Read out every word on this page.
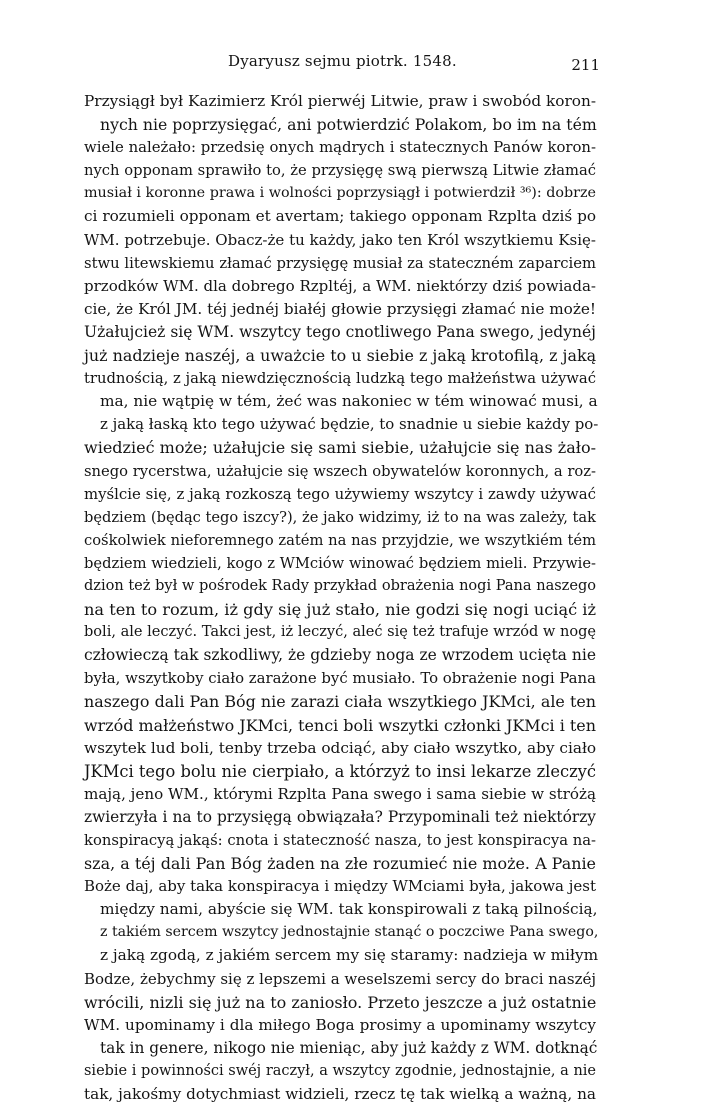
Dyaryusz sejmu piotrk. 1548.	211
Przysiągł był Kazimierz Król pierwéj Litwie, praw i swobód koron-
nych nie poprzysięgać, ani potwierdzić Polakom, bo im na tém
wiele należało: przedsię onych mądrych i statecznych Panów koron-
nych opponam sprawiło to, że przysięgę swą pierwszą Litwie złamać
musiał i koronne prawa i wolności poprzysiągł i potwierdził ³⁶): dobrze
ci rozumieli opponam et avertam; takiego opponam Rzplta dziś po
WM. potrzebuje. Obacz-że tu każdy, jako ten Król wszytkiemu Księ-
stwu litewskiemu złamać przysięgę musiał za stateczném zaparciem
przodków WM. dla dobrego Rzpltéj, a WM. niektórzy dziś powiada-
cie, że Król JM. téj jednéj białéj głowie przysięgi złamać nie może!
Użałujcież się WM. wszytcy tego cnotliwego Pana swego, jedynéj
już nadzieje naszéj, a uważcie to u siebie z jaką krotofilą, z jaką
trudnością, z jaką niewdzięcznością ludzką tego małżeństwa używać
ma, nie wątpię w tém, żeć was nakoniec w tém winować musi, a
z jaką łaską kto tego używać będzie, to snadnie u siebie każdy po-
wiedzieć może; użałujcie się sami siebie, użałujcie się nas żało-
snego rycerstwa, użałujcie się wszech obywatelów koronnych, a roz-
myślcie się, z jaką rozkoszą tego używiemy wszytcy i zawdy używać
będziem (będąc tego iszcy?), że jako widzimy, iż to na was zależy, tak
cośkolwiek nieforemnego zatém na nas przyjdzie, we wszytkiém tém
będziem wiedzieli, kogo z WMciów winować będziem mieli. Przywie-
dzion też był w pośrodek Rady przykład obrażenia nogi Pana naszego
na ten to rozum, iż gdy się już stało, nie godzi się nogi uciąć iż
boli, ale leczyć. Takci jest, iż leczyć, aleć się też trafuje wrzód w nogę
człowieczą tak szkodliwy, że gdzieby noga ze wrzodem ucięta nie
była, wszytkoby ciało zarażone być musiało. To obrażenie nogi Pana
naszego dali Pan Bóg nie zarazi ciała wszytkiego JKMci, ale ten
wrzód małżeństwo JKMci, tenci boli wszytki członki JKMci i ten
wszytek lud boli, tenby trzeba odciąć, aby ciało wszytko, aby ciało
JKMci tego bolu nie cierpiało, a którzyż to insi lekarze zleczyć
mają, jeno WM., którymi Rzplta Pana swego i sama siebie w stróżą
zwierzyła i na to przysięgą obwiązała? Przypominali też niektórzy
konspiracyą jakąś: cnota i stateczność nasza, to jest konspiracya na-
sza, a téj dali Pan Bóg żaden na złe rozumieć nie może. A Panie
Boże daj, aby taka konspiracya i między WMciami była, jakowa jest
między nami, abyście się WM. tak konspirowali z taką pilnością,
z takiém sercem wszytcy jednostajnie stanąć o poczciwe Pana swego,
z jaką zgodą, z jakiém sercem my się staramy: nadzieja w miłym
Bodze, żebychmy się z lepszemi a weselszemi sercy do braci naszéj
wrócili, nizli się już na to zaniosło. Przeto jeszcze a już ostatnie
WM. upominamy i dla miłego Boga prosimy a upominamy wszytcy
tak in genere, nikogo nie mieniąc, aby już każdy z WM. dotknąć
siebie i powinności swéj raczył, a wszytcy zgodnie, jednostajnie, a nie
tak, jakośmy dotychmiast widzieli, rzecz tę tak wielką a ważną, na
